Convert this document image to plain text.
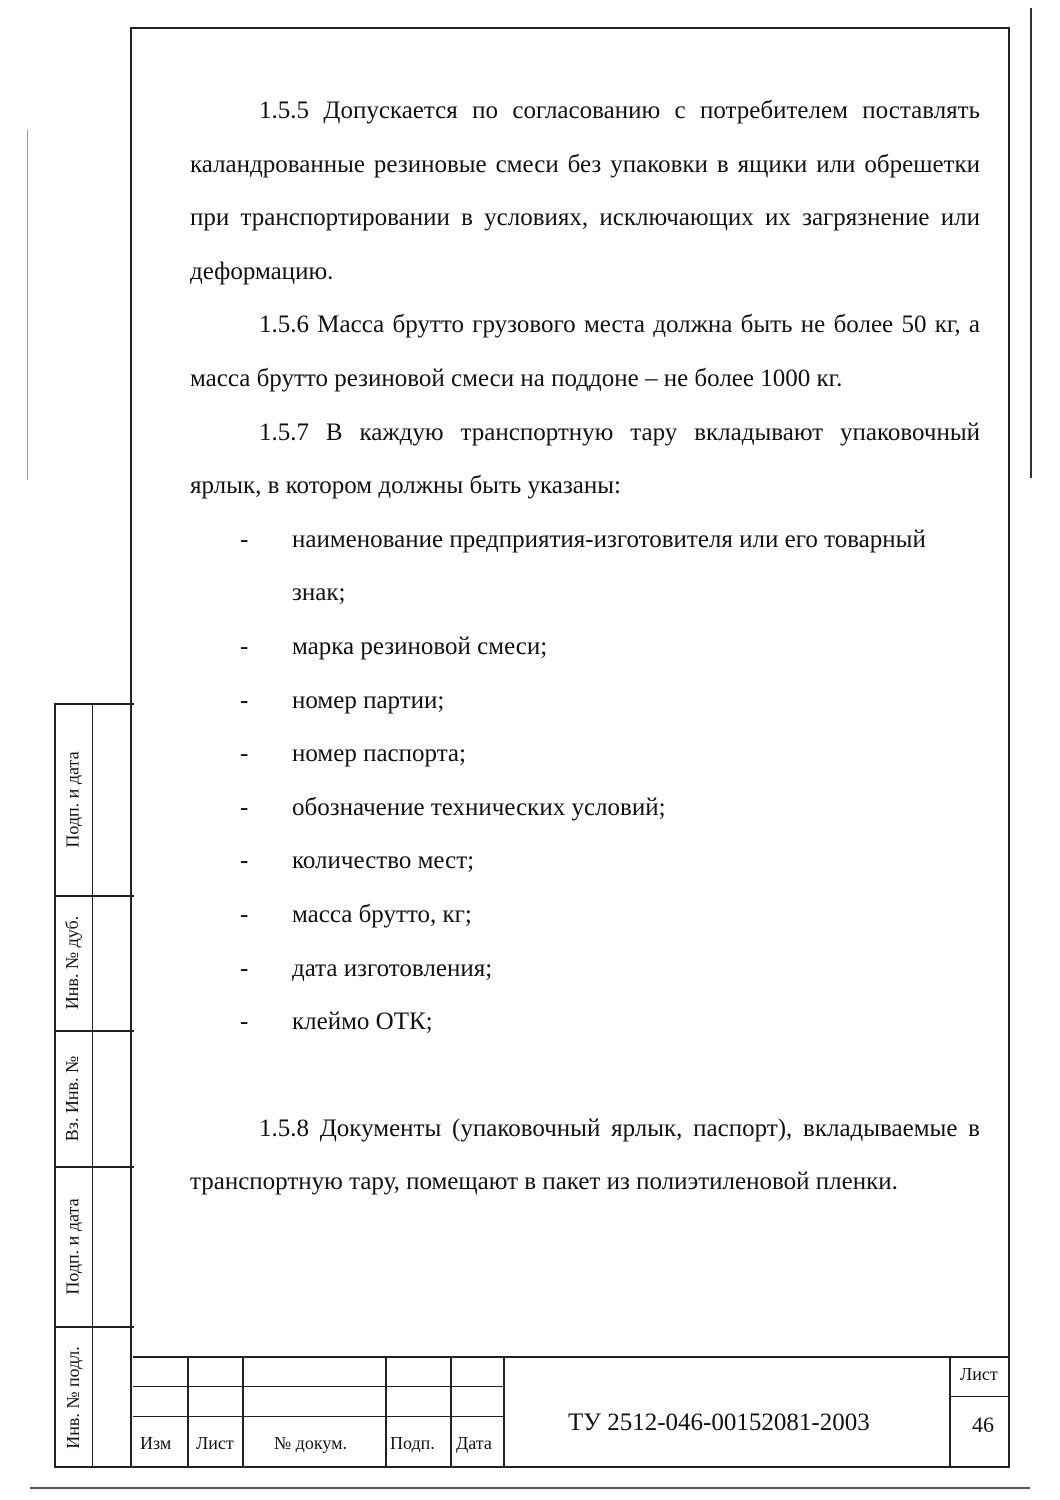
1.5.5 Допускается по согласованию с потребителем поставлять каландрованные резиновые смеси без упаковки в ящики или обрешетки при транспортировании в условиях, исключающих их загрязнение или деформацию.

1.5.6 Масса брутто грузового места должна быть не более 50 кг, а масса брутто резиновой смеси на поддоне – не более 1000 кг.

1.5.7 В каждую транспортную тару вкладывают упаковочный ярлык, в котором должны быть указаны:

- наименование предприятия-изготовителя или его товарный знак;
- марка резиновой смеси;
- номер партии;
- номер паспорта;
- обозначение технических условий;
- количество мест;
- масса брутто, кг;
- дата изготовления;
- клеймо ОТК;

1.5.8 Документы (упаковочный ярлык, паспорт), вкладываемые в транспортную тару, помещают в пакет из полиэтиленовой пленки.

Подп. и дата
Инв. № дуб.
Вз. Инв. №
Подп. и дата
Инв. № подл.	Изм Лист № докум. Подп. Дата
ТУ 2512-046-00152081-2003
Лист
46
